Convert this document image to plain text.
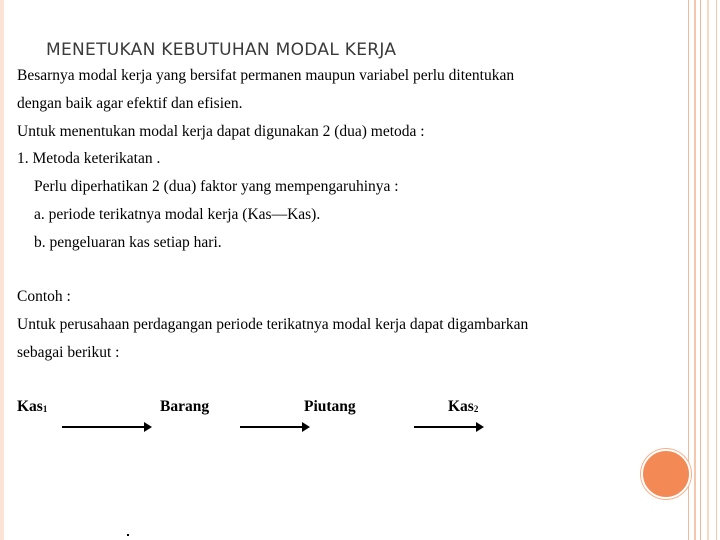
MENETUKAN KEBUTUHAN MODAL KERJA

Besarnya modal kerja yang bersifat permanen maupun variabel perlu ditentukan

dengan baik agar efektif dan efisien.

Untuk menentukan modal kerja dapat digunakan 2 (dua) metoda :

1. Metoda keterikatan .

Perlu diperhatikan 2 (dua) faktor yang mempengaruhinya :

a. periode terikatnya modal kerja (Kas—Kas).

b. pengeluaran kas setiap hari.

Contoh :

Untuk perusahaan perdagangan periode terikatnya modal kerja dapat digambarkan

sebagai berikut :

Kas$_1$	Barang	Piutang	Kas$_2$
